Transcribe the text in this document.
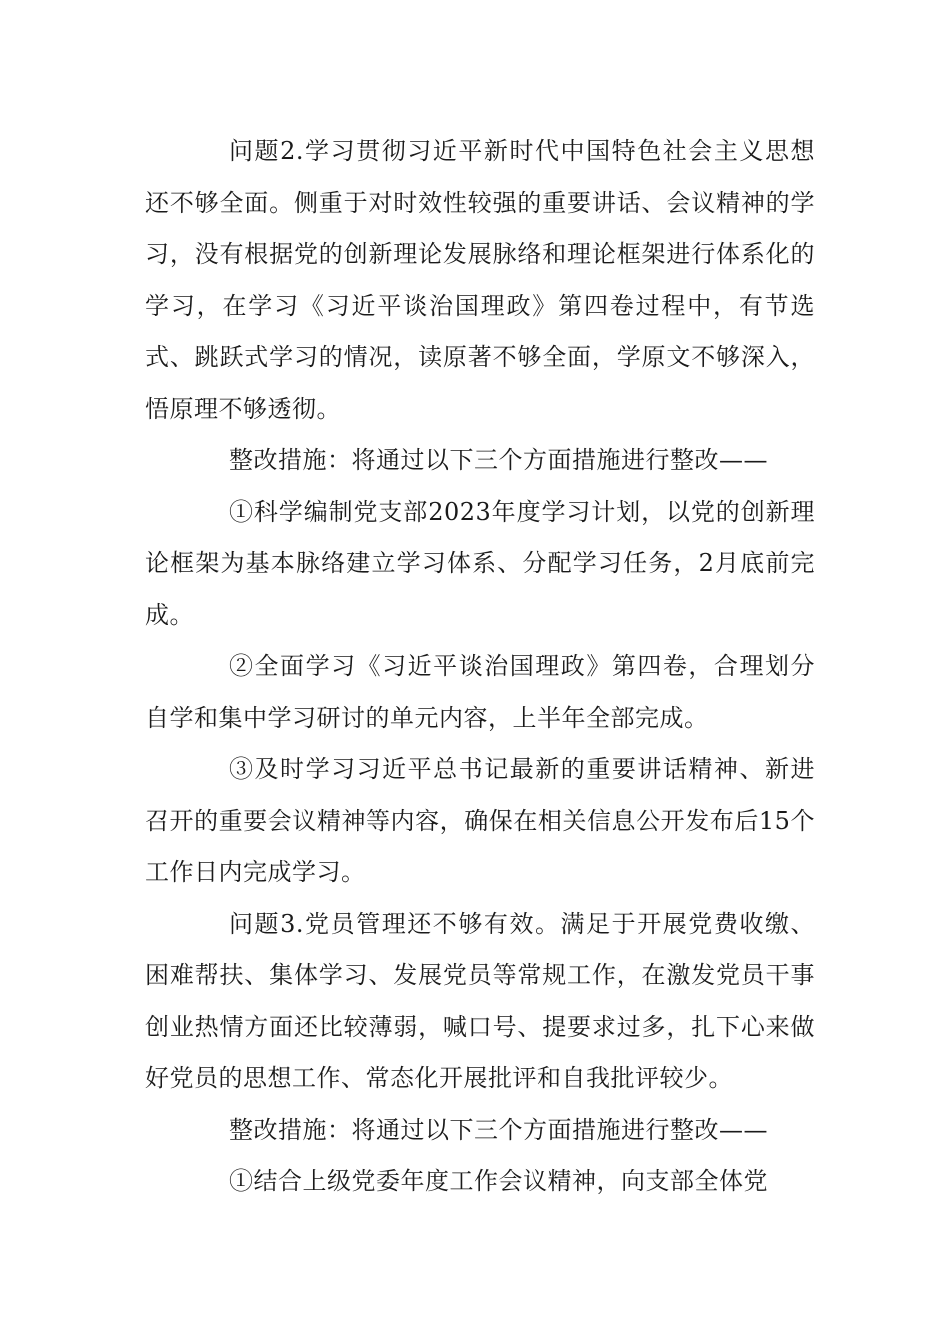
问题2.学习贯彻习近平新时代中国特色社会主义思想还不够全面。侧重于对时效性较强的重要讲话、会议精神的学习，没有根据党的创新理论发展脉络和理论框架进行体系化的学习，在学习《习近平谈治国理政》第四卷过程中，有节选式、跳跃式学习的情况，读原著不够全面，学原文不够深入，悟原理不够透彻。

整改措施：将通过以下三个方面措施进行整改——

①科学编制党支部2023年度学习计划，以党的创新理论框架为基本脉络建立学习体系、分配学习任务，2月底前完成。

②全面学习《习近平谈治国理政》第四卷，合理划分自学和集中学习研讨的单元内容，上半年全部完成。

③及时学习习近平总书记最新的重要讲话精神、新进召开的重要会议精神等内容，确保在相关信息公开发布后15个工作日内完成学习。

问题3.党员管理还不够有效。满足于开展党费收缴、困难帮扶、集体学习、发展党员等常规工作，在激发党员干事创业热情方面还比较薄弱，喊口号、提要求过多，扎下心来做好党员的思想工作、常态化开展批评和自我批评较少。

整改措施：将通过以下三个方面措施进行整改——

①结合上级党委年度工作会议精神，向支部全体党
